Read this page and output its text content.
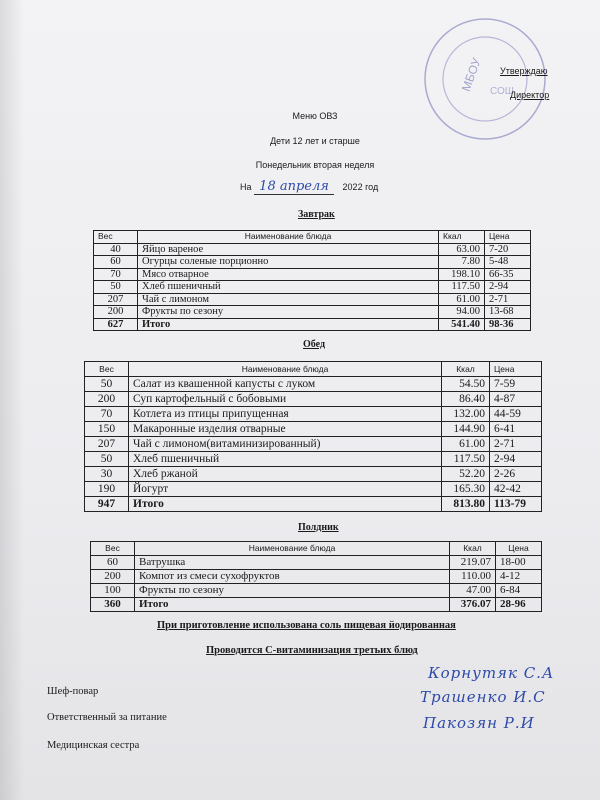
МБОУ СОШ
Утверждаю
Директор
Меню ОВЗ
Дети 12 лет и старше
Понедельник вторая неделя
На 18 апреля 2022 год
Завтрак
Вес	Наименование блюда	Ккал	Цена
40	Яйцо вареное	63.00	7-20
60	Огурцы соленые порционно	7.80	5-48
70	Мясо отварное	198.10	66-35
50	Хлеб пшеничный	117.50	2-94
207	Чай с лимоном	61.00	2-71
200	Фрукты по сезону	94.00	13-68
627	Итого	541.40	98-36
Обед
Вес	Наименование блюда	Ккал	Цена
50	Салат из квашенной капусты с луком	54.50	7-59
200	Суп картофельный с бобовыми	86.40	4-87
70	Котлета из птицы припущенная	132.00	44-59
150	Макаронные изделия отварные	144.90	6-41
207	Чай с лимоном(витаминизированный)	61.00	2-71
50	Хлеб пшеничный	117.50	2-94
30	Хлеб ржаной	52.20	2-26
190	Йогурт	165.30	42-42
947	Итого	813.80	113-79
Полдник
Вес	Наименование блюда	Ккал	Цена
60	Ватрушка	219.07	18-00
200	Компот из смеси сухофруктов	110.00	4-12
100	Фрукты по сезону	47.00	6-84
360	Итого	376.07	28-96
При приготовление использована соль пищевая йодированная
Проводится С-витаминизация третьих блюд
Шеф-повар
Ответственный за питание
Медицинская сестра
Корнутяк С.А
Трашенко И.С
Пакозян Р.И
